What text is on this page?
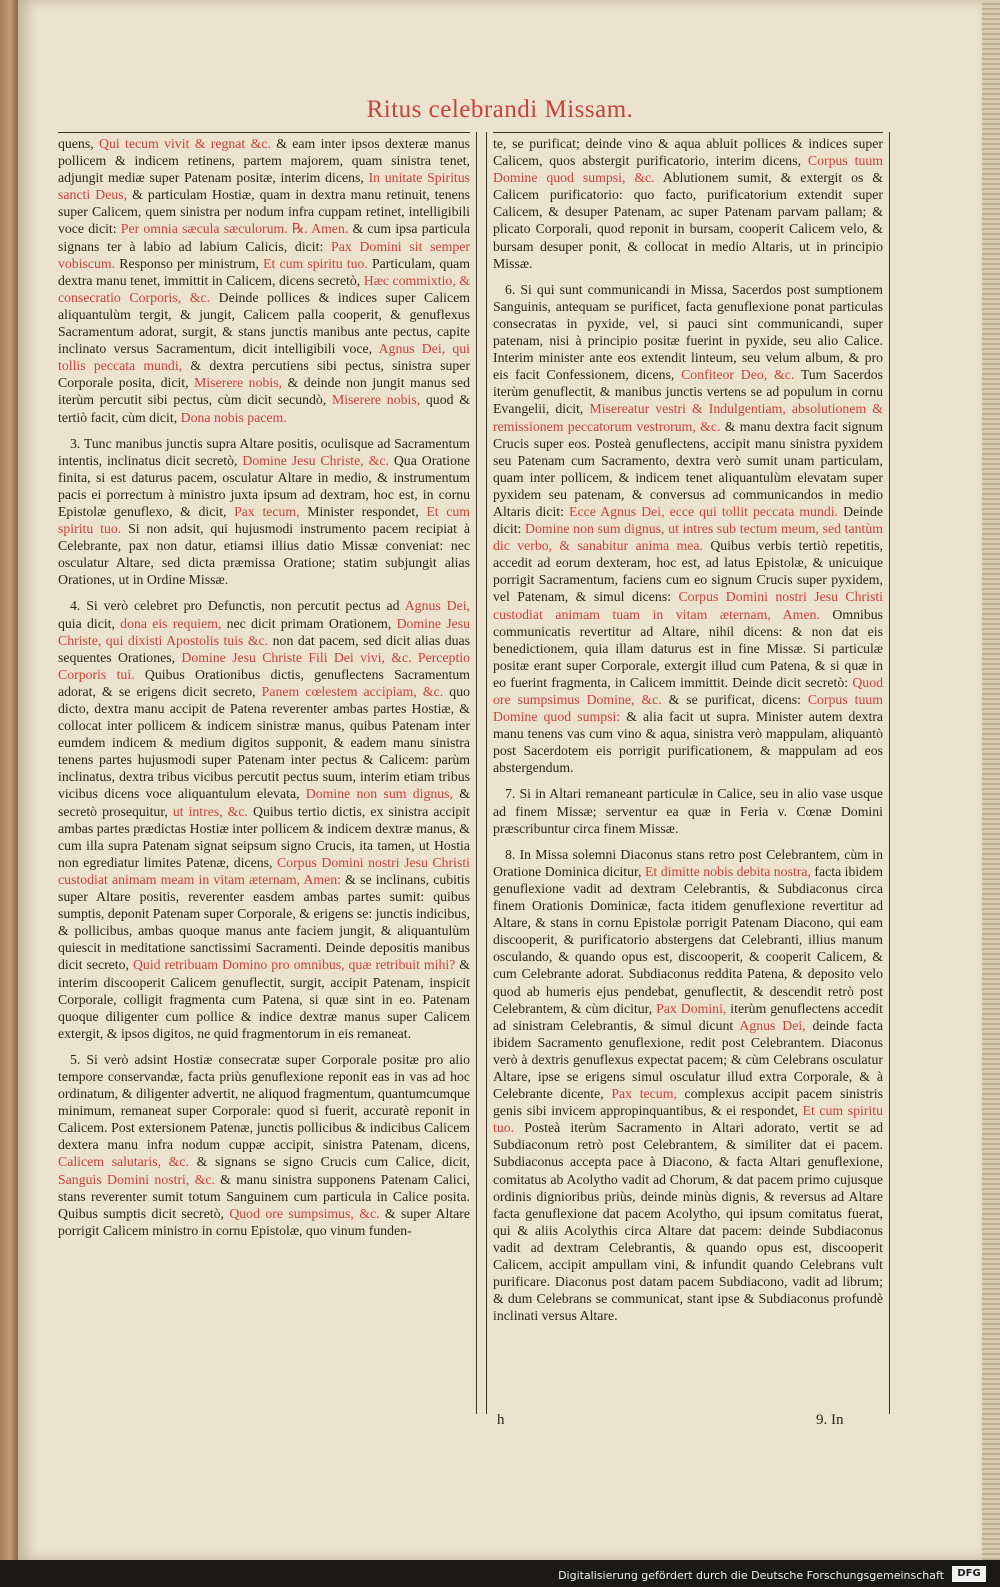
Ritus celebrandi Missam.

quens, Qui tecum vivit & regnat &c. & eam inter ipsos dexteræ manus pollicem & indicem retinens, partem majorem, quam sinistra tenet, adjungit mediæ super Patenam positæ, interim dicens, In unitate Spiritus sancti Deus, & particulam Hostiæ, quam in dextra manu retinuit, tenens super Calicem, quem sinistra per nodum infra cuppam retinet, intelligibili voce dicit: Per omnia sæcula sæculorum. ℞. Amen. & cum ipsa particula signans ter à labio ad labium Calicis, dicit: Pax Domini sit semper vobiscum. Responso per ministrum, Et cum spiritu tuo. Particulam, quam dextra manu tenet, immittit in Calicem, dicens secretò, Hæc commixtio, & consecratio Corporis, &c. Deinde pollices & indices super Calicem aliquantulùm tergit, & jungit, Calicem palla cooperit, & genuflexus Sacramentum adorat, surgit, & stans junctis manibus ante pectus, capite inclinato versus Sacramentum, dicit intelligibili voce, Agnus Dei, qui tollis peccata mundi, & dextra percutiens sibi pectus, sinistra super Corporale posita, dicit, Miserere nobis, & deinde non jungit manus sed iterùm percutit sibi pectus, cùm dicit secundò, Miserere nobis, quod & tertiò facit, cùm dicit, Dona nobis pacem.

3. Tunc manibus junctis supra Altare positis, oculisque ad Sacramentum intentis, inclinatus dicit secretò, Domine Jesu Christe, &c. Qua Oratione finita, si est daturus pacem, osculatur Altare in medio, & instrumentum pacis ei porrectum à ministro juxta ipsum ad dextram, hoc est, in cornu Epistolæ genuflexo, & dicit, Pax tecum, Minister respondet, Et cum spiritu tuo. Si non adsit, qui hujusmodi instrumento pacem recipiat à Celebrante, pax non datur, etiamsi illius datio Missæ conveniat: nec osculatur Altare, sed dicta præmissa Oratione; statim subjungit alias Orationes, ut in Ordine Missæ.

4. Si verò celebret pro Defunctis, non percutit pectus ad Agnus Dei, quia dicit, dona eis requiem, nec dicit primam Orationem, Domine Jesu Christe, qui dixisti Apostolis tuis &c. non dat pacem, sed dicit alias duas sequentes Orationes, Domine Jesu Christe Fili Dei vivi, &c. Perceptio Corporis tui. Quibus Orationibus dictis, genuflectens Sacramentum adorat, & se erigens dicit secreto, Panem cœlestem accipiam, &c. quo dicto, dextra manu accipit de Patena reverenter ambas partes Hostiæ, & collocat inter pollicem & indicem sinistræ manus, quibus Patenam inter eumdem indicem & medium digitos supponit, & eadem manu sinistra tenens partes hujusmodi super Patenam inter pectus & Calicem: parùm inclinatus, dextra tribus vicibus percutit pectus suum, interim etiam tribus vicibus dicens voce aliquantulum elevata, Domine non sum dignus, & secretò prosequitur, ut intres, &c. Quibus tertio dictis, ex sinistra accipit ambas partes prædictas Hostiæ inter pollicem & indicem dextræ manus, & cum illa supra Patenam signat seipsum signo Crucis, ita tamen, ut Hostia non egrediatur limites Patenæ, dicens, Corpus Domini nostri Jesu Christi custodiat animam meam in vitam æternam, Amen: & se inclinans, cubitis super Altare positis, reverenter easdem ambas partes sumit: quibus sumptis, deponit Patenam super Corporale, & erigens se: junctis indicibus, & pollicibus, ambas quoque manus ante faciem jungit, & aliquantulùm quiescit in meditatione sanctissimi Sacramenti. Deinde depositis manibus dicit secreto, Quid retribuam Domino pro omnibus, quæ retribuit mihi? & interim discooperit Calicem genuflectit, surgit, accipit Patenam, inspicit Corporale, colligit fragmenta cum Patena, si quæ sint in eo. Patenam quoque diligenter cum pollice & indice dextræ manus super Calicem extergit, & ipsos digitos, ne quid fragmentorum in eis remaneat.

5. Si verò adsint Hostiæ consecratæ super Corporale positæ pro alio tempore conservandæ, facta priùs genuflexione reponit eas in vas ad hoc ordinatum, & diligenter advertit, ne aliquod fragmentum, quantumcumque minimum, remaneat super Corporale: quod si fuerit, accuratè reponit in Calicem. Post extersionem Patenæ, junctis pollicibus & indicibus Calicem dextera manu infra nodum cuppæ accipit, sinistra Patenam, dicens, Calicem salutaris, &c. & signans se signo Crucis cum Calice, dicit, Sanguis Domini nostri, &c. & manu sinistra supponens Patenam Calici, stans reverenter sumit totum Sanguinem cum particula in Calice posita. Quibus sumptis dicit secretò, Quod ore sumpsimus, &c. & super Altare porrigit Calicem ministro in cornu Epistolæ, quo vinum funden-

te, se purificat; deinde vino & aqua abluit pollices & indices super Calicem, quos abstergit purificatorio, interim dicens, Corpus tuum Domine quod sumpsi, &c. Ablutionem sumit, & extergit os & Calicem purificatorio: quo facto, purificatorium extendit super Calicem, & desuper Patenam, ac super Patenam parvam pallam; & plicato Corporali, quod reponit in bursam, cooperit Calicem velo, & bursam desuper ponit, & collocat in medio Altaris, ut in principio Missæ.

6. Si qui sunt communicandi in Missa, Sacerdos post sumptionem Sanguinis, antequam se purificet, facta genuflexione ponat particulas consecratas in pyxide, vel, si pauci sint communicandi, super patenam, nisi à principio positæ fuerint in pyxide, seu alio Calice. Interim minister ante eos extendit linteum, seu velum album, & pro eis facit Confessionem, dicens, Confiteor Deo, &c. Tum Sacerdos iterùm genuflectit, & manibus junctis vertens se ad populum in cornu Evangelii, dicit, Misereatur vestri & Indulgentiam, absolutionem & remissionem peccatorum vestrorum, &c. & manu dextra facit signum Crucis super eos. Posteà genuflectens, accipit manu sinistra pyxidem seu Patenam cum Sacramento, dextra verò sumit unam particulam, quam inter pollicem, & indicem tenet aliquantulùm elevatam super pyxidem seu patenam, & conversus ad communicandos in medio Altaris dicit: Ecce Agnus Dei, ecce qui tollit peccata mundi. Deinde dicit: Domine non sum dignus, ut intres sub tectum meum, sed tantùm dic verbo, & sanabitur anima mea. Quibus verbis tertiò repetitis, accedit ad eorum dexteram, hoc est, ad latus Epistolæ, & unicuique porrigit Sacramentum, faciens cum eo signum Crucis super pyxidem, vel Patenam, & simul dicens: Corpus Domini nostri Jesu Christi custodiat animam tuam in vitam æternam, Amen. Omnibus communicatis revertitur ad Altare, nihil dicens: & non dat eis benedictionem, quia illam daturus est in fine Missæ. Si particulæ positæ erant super Corporale, extergit illud cum Patena, & si quæ in eo fuerint fragmenta, in Calicem immittit. Deinde dicit secretò: Quod ore sumpsimus Domine, &c. & se purificat, dicens: Corpus tuum Domine quod sumpsi: & alia facit ut supra. Minister autem dextra manu tenens vas cum vino & aqua, sinistra verò mappulam, aliquantò post Sacerdotem eis porrigit purificationem, & mappulam ad eos abstergendum.

7. Si in Altari remaneant particulæ in Calice, seu in alio vase usque ad finem Missæ; serventur ea quæ in Feria v. Cœnæ Domini præscribuntur circa finem Missæ.

8. In Missa solemni Diaconus stans retro post Celebrantem, cùm in Oratione Dominica dicitur, Et dimitte nobis debita nostra, facta ibidem genuflexione vadit ad dextram Celebrantis, & Subdiaconus circa finem Orationis Dominicæ, facta itidem genuflexione revertitur ad Altare, & stans in cornu Epistolæ porrigit Patenam Diacono, qui eam discooperit, & purificatorio abstergens dat Celebranti, illius manum osculando, & quando opus est, discooperit, & cooperit Calicem, & cum Celebrante adorat. Subdiaconus reddita Patena, & deposito velo quod ab humeris ejus pendebat, genuflectit, & descendit retrò post Celebrantem, & cùm dicitur, Pax Domini, iterùm genuflectens accedit ad sinistram Celebrantis, & simul dicunt Agnus Dei, deinde facta ibidem Sacramento genuflexione, redit post Celebrantem. Diaconus verò à dextris genuflexus expectat pacem; & cùm Celebrans osculatur Altare, ipse se erigens simul osculatur illud extra Corporale, & à Celebrante dicente, Pax tecum, complexus accipit pacem sinistris genis sibi invicem appropinquantibus, & ei respondet, Et cum spiritu tuo. Posteà iterùm Sacramento in Altari adorato, vertit se ad Subdiaconum retrò post Celebrantem, & similiter dat ei pacem. Subdiaconus accepta pace à Diacono, & facta Altari genuflexione, comitatus ab Acolytho vadit ad Chorum, & dat pacem primo cujusque ordinis dignioribus priùs, deinde minùs dignis, & reversus ad Altare facta genuflexione dat pacem Acolytho, qui ipsum comitatus fuerat, qui & aliis Acolythis circa Altare dat pacem: deinde Subdiaconus vadit ad dextram Celebrantis, & quando opus est, discooperit Calicem, accipit ampullam vini, & infundit quando Celebrans vult purificare. Diaconus post datam pacem Subdiacono, vadit ad librum; & dum Celebrans se communicat, stant ipse & Subdiaconus profundè inclinati versus Altare.

h	9. In
Digitalisierung gefördert durch die Deutsche Forschungsgemeinschaft	DFG
